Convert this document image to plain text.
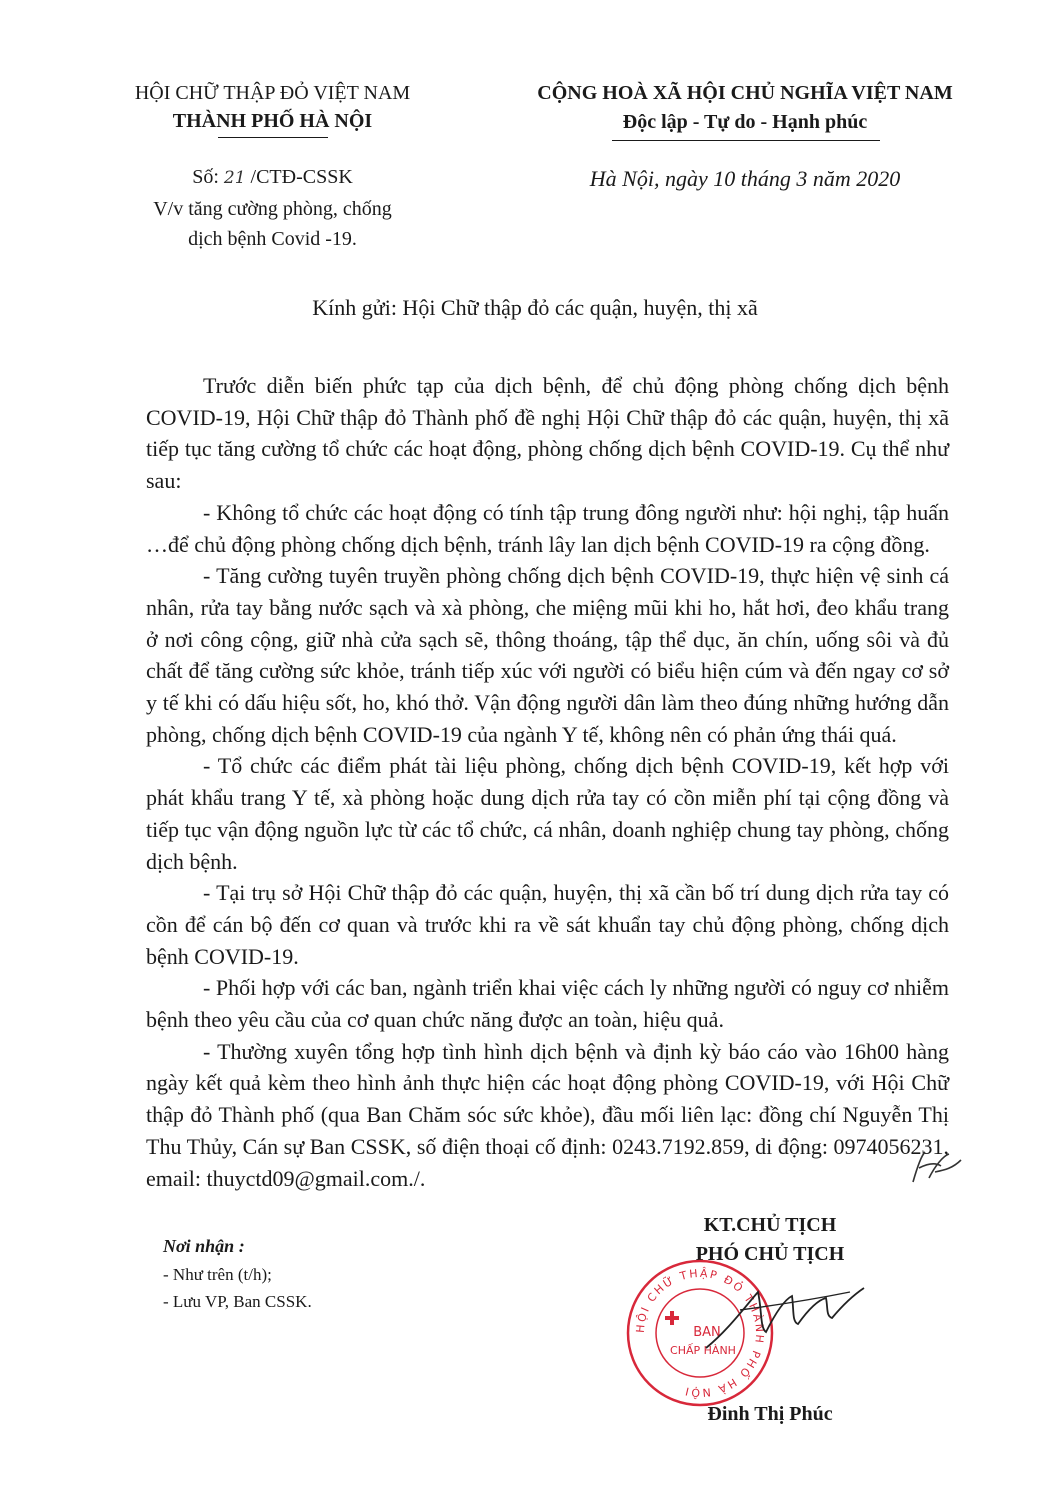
HỘI CHỮ THẬP ĐỎ VIỆT NAM
THÀNH PHỐ HÀ NỘI
Số: 21 /CTĐ-CSSK
V/v tăng cường phòng, chống
dịch bệnh Covid -19.
CỘNG HOÀ XÃ HỘI CHỦ NGHĨA VIỆT NAM
Độc lập - Tự do - Hạnh phúc
Hà Nội, ngày 10 tháng 3 năm 2020
Kính gửi: Hội Chữ thập đỏ các quận, huyện, thị xã

Trước diễn biến phức tạp của dịch bệnh, để chủ động phòng chống dịch bệnh COVID-19, Hội Chữ thập đỏ Thành phố đề nghị Hội Chữ thập đỏ các quận, huyện, thị xã tiếp tục tăng cường tổ chức các hoạt động, phòng chống dịch bệnh COVID-19. Cụ thể như sau:

- Không tổ chức các hoạt động có tính tập trung đông người như: hội nghị, tập huấn …để chủ động phòng chống dịch bệnh, tránh lây lan dịch bệnh COVID-19 ra cộng đồng.

- Tăng cường tuyên truyền phòng chống dịch bệnh COVID-19, thực hiện vệ sinh cá nhân, rửa tay bằng nước sạch và xà phòng, che miệng mũi khi ho, hắt hơi, đeo khẩu trang ở nơi công cộng, giữ nhà cửa sạch sẽ, thông thoáng, tập thể dục, ăn chín, uống sôi và đủ chất để tăng cường sức khỏe, tránh tiếp xúc với người có biểu hiện cúm và đến ngay cơ sở y tế khi có dấu hiệu sốt, ho, khó thở. Vận động người dân làm theo đúng những hướng dẫn phòng, chống dịch bệnh COVID-19 của ngành Y tế, không nên có phản ứng thái quá.

- Tổ chức các điểm phát tài liệu phòng, chống dịch bệnh COVID-19, kết hợp với phát khẩu trang Y tế, xà phòng hoặc dung dịch rửa tay có cồn miễn phí tại cộng đồng và tiếp tục vận động nguồn lực từ các tổ chức, cá nhân, doanh nghiệp chung tay phòng, chống dịch bệnh.

- Tại trụ sở Hội Chữ thập đỏ các quận, huyện, thị xã cần bố trí dung dịch rửa tay có cồn để cán bộ đến cơ quan và trước khi ra về sát khuẩn tay chủ động phòng, chống dịch bệnh COVID-19.

- Phối hợp với các ban, ngành triển khai việc cách ly những người có nguy cơ nhiễm bệnh theo yêu cầu của cơ quan chức năng được an toàn, hiệu quả.

- Thường xuyên tổng hợp tình hình dịch bệnh và định kỳ báo cáo vào 16h00 hàng ngày kết quả kèm theo hình ảnh thực hiện các hoạt động phòng COVID-19, với Hội Chữ thập đỏ Thành phố (qua Ban Chăm sóc sức khỏe), đầu mối liên lạc: đồng chí Nguyễn Thị Thu Thủy, Cán sự Ban CSSK, số điện thoại cố định: 0243.7192.859, di động: 0974056231, email: thuyctd09@gmail.com./.

Nơi nhận :
- Như trên (t/h);
- Lưu VP, Ban CSSK.
KT.CHỦ TỊCH
PHÓ CHỦ TỊCH
HỘI CHỮ THẬP ĐỎ THÀNH PHỐ HÀ NỘI
BAN
CHẤP HÀNH
Đinh Thị Phúc
